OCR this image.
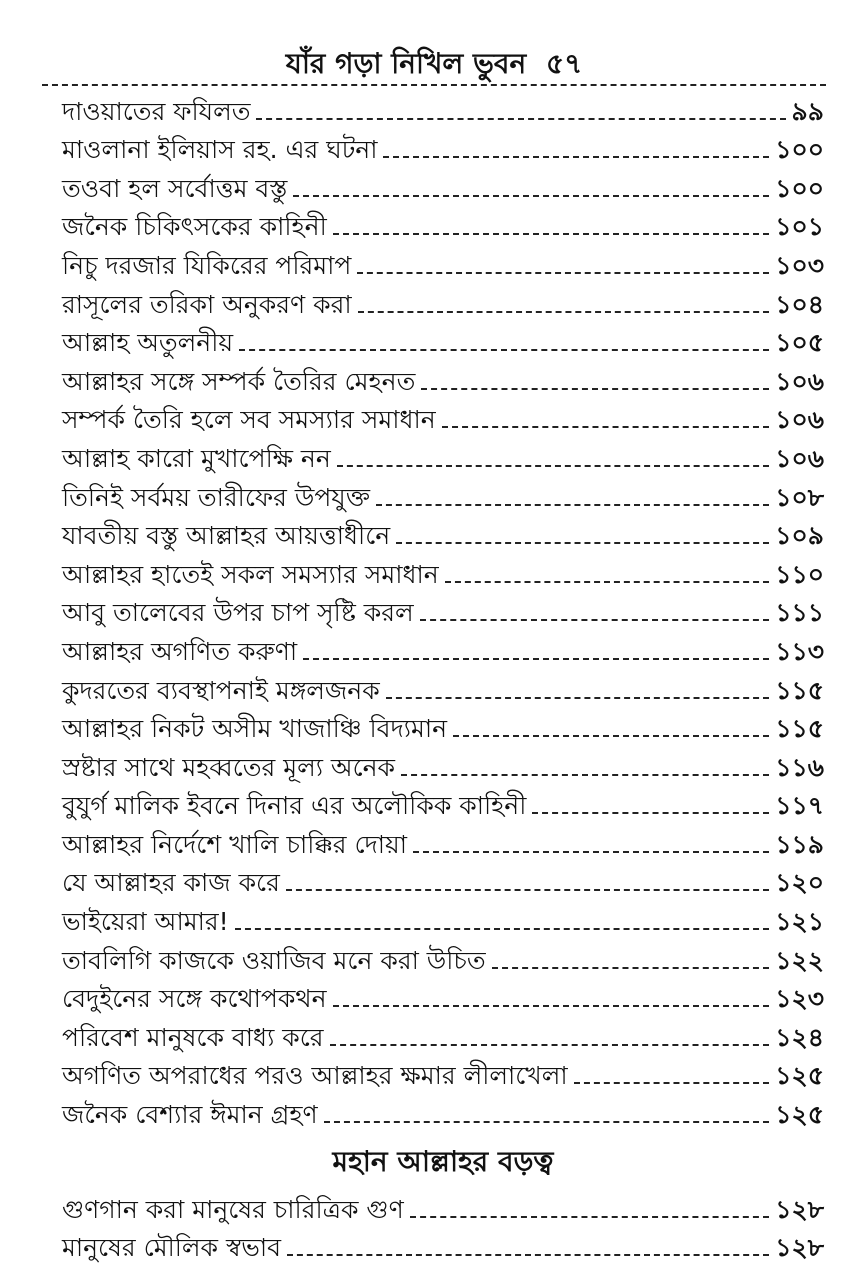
যাঁর গড়া নিখিল ভুবন ৫৭
দাওয়াতের ফযিলত	৯৯
মাওলানা ইলিয়াস রহ. এর ঘটনা	১০০
তওবা হল সর্বোত্তম বস্তু	১০০
জনৈক চিকিৎসকের কাহিনী	১০১
নিচু দরজার যিকিরের পরিমাপ	১০৩
রাসূলের তরিকা অনুকরণ করা	১০৪
আল্লাহ অতুলনীয়	১০৫
আল্লাহর সঙ্গে সম্পর্ক তৈরির মেহনত	১০৬
সম্পর্ক তৈরি হলে সব সমস্যার সমাধান	১০৬
আল্লাহ কারো মুখাপেক্ষি নন	১০৬
তিনিই সর্বময় তারীফের উপযুক্ত	১০৮
যাবতীয় বস্তু আল্লাহর আয়ত্তাধীনে	১০৯
আল্লাহর হাতেই সকল সমস্যার সমাধান	১১০
আবু তালেবের উপর চাপ সৃষ্টি করল	১১১
আল্লাহর অগণিত করুণা	১১৩
কুদরতের ব্যবস্থাপনাই মঙ্গলজনক	১১৫
আল্লাহর নিকট অসীম খাজাঞ্চি বিদ্যমান	১১৫
স্রষ্টার সাথে মহব্বতের মূল্য অনেক	১১৬
বুযুর্গ মালিক ইবনে দিনার এর অলৌকিক কাহিনী	১১৭
আল্লাহর নির্দেশে খালি চাক্কির দোয়া	১১৯
যে আল্লাহর কাজ করে	১২০
ভাইয়েরা আমার!	১২১
তাবলিগি কাজকে ওয়াজিব মনে করা উচিত	১২২
বেদুইনের সঙ্গে কথোপকথন	১২৩
পরিবেশ মানুষকে বাধ্য করে	১২৪
অগণিত অপরাধের পরও আল্লাহর ক্ষমার লীলাখেলা	১২৫
জনৈক বেশ্যার ঈমান গ্রহণ	১২৫
মহান আল্লাহর বড়ত্ব
গুণগান করা মানুষের চারিত্রিক গুণ	১২৮
মানুষের মৌলিক স্বভাব	১২৮
